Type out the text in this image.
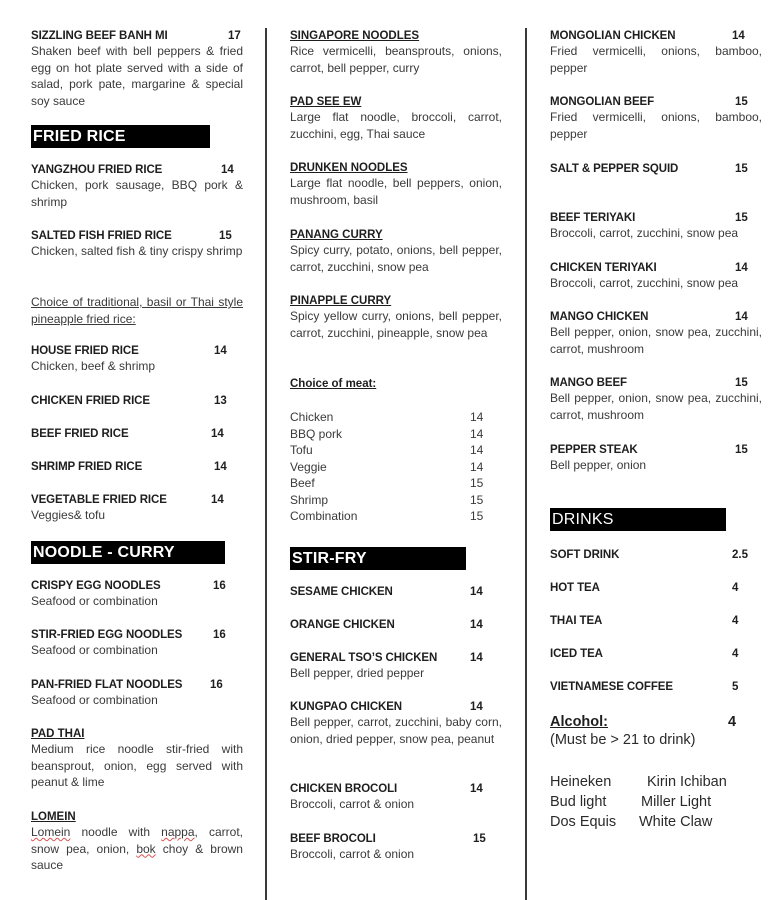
SIZZLING BEEF BANH MI	17
Shaken beef with bell peppers & fried egg on hot plate served with a side of salad, pork pate, margarine & special soy sauce
FRIED RICE
YANGZHOU FRIED RICE	14
Chicken, pork sausage, BBQ pork & shrimp
SALTED FISH FRIED RICE	15
Chicken, salted fish & tiny crispy shrimp
Choice of traditional, basil or Thai style pineapple fried rice:
HOUSE FRIED RICE	14
Chicken, beef & shrimp
CHICKEN FRIED RICE	13
BEEF FRIED RICE	14
SHRIMP FRIED RICE	14
VEGETABLE FRIED RICE	14
Veggies& tofu
NOODLE - CURRY
CRISPY EGG NOODLES	16
Seafood or combination
STIR-FRIED EGG NOODLES	16
Seafood or combination
PAN-FRIED FLAT NOODLES	16
Seafood or combination
PAD THAI
Medium rice noodle stir-fried with beansprout, onion, egg served with peanut & lime
LOMEIN
Lomein noodle with nappa, carrot, snow pea, onion, bok choy & brown sauce
SINGAPORE NOODLES
Rice vermicelli, beansprouts, onions, carrot, bell pepper, curry
PAD SEE EW
Large flat noodle, broccoli, carrot, zucchini, egg, Thai sauce
DRUNKEN NOODLES
Large flat noodle, bell peppers, onion, mushroom, basil
PANANG CURRY
Spicy curry, potato, onions, bell pepper, carrot, zucchini, snow pea
PINAPPLE CURRY
Spicy yellow curry, onions, bell pepper, carrot, zucchini, pineapple, snow pea
Choice of meat:
Chicken	14
BBQ pork	14
Tofu	14
Veggie	14
Beef	15
Shrimp	15
Combination	15
STIR-FRY
SESAME CHICKEN	14
ORANGE CHICKEN	14
GENERAL TSO’S CHICKEN	14
Bell pepper, dried pepper
KUNGPAO CHICKEN	14
Bell pepper, carrot, zucchini, baby corn, onion, dried pepper, snow pea, peanut
CHICKEN BROCOLI	14
Broccoli, carrot & onion
BEEF BROCOLI	15
Broccoli, carrot & onion
MONGOLIAN CHICKEN	14
Fried vermicelli, onions, bamboo, pepper
MONGOLIAN BEEF	15
Fried vermicelli, onions, bamboo, pepper
SALT & PEPPER SQUID	15
BEEF TERIYAKI	15
Broccoli, carrot, zucchini, snow pea
CHICKEN TERIYAKI	14
Broccoli, carrot, zucchini, snow pea
MANGO CHICKEN	14
Bell pepper, onion, snow pea, zucchini, carrot, mushroom
MANGO BEEF	15
Bell pepper, onion, snow pea, zucchini, carrot, mushroom
PEPPER STEAK	15
Bell pepper, onion
DRINKS
SOFT DRINK	2.5
HOT TEA	4
THAI TEA	4
ICED TEA	4
VIETNAMESE COFFEE	5
Alcohol:	4
(Must be > 21 to drink)
Heineken Kirin Ichiban
Bud light Miller Light
Dos Equis White Claw
